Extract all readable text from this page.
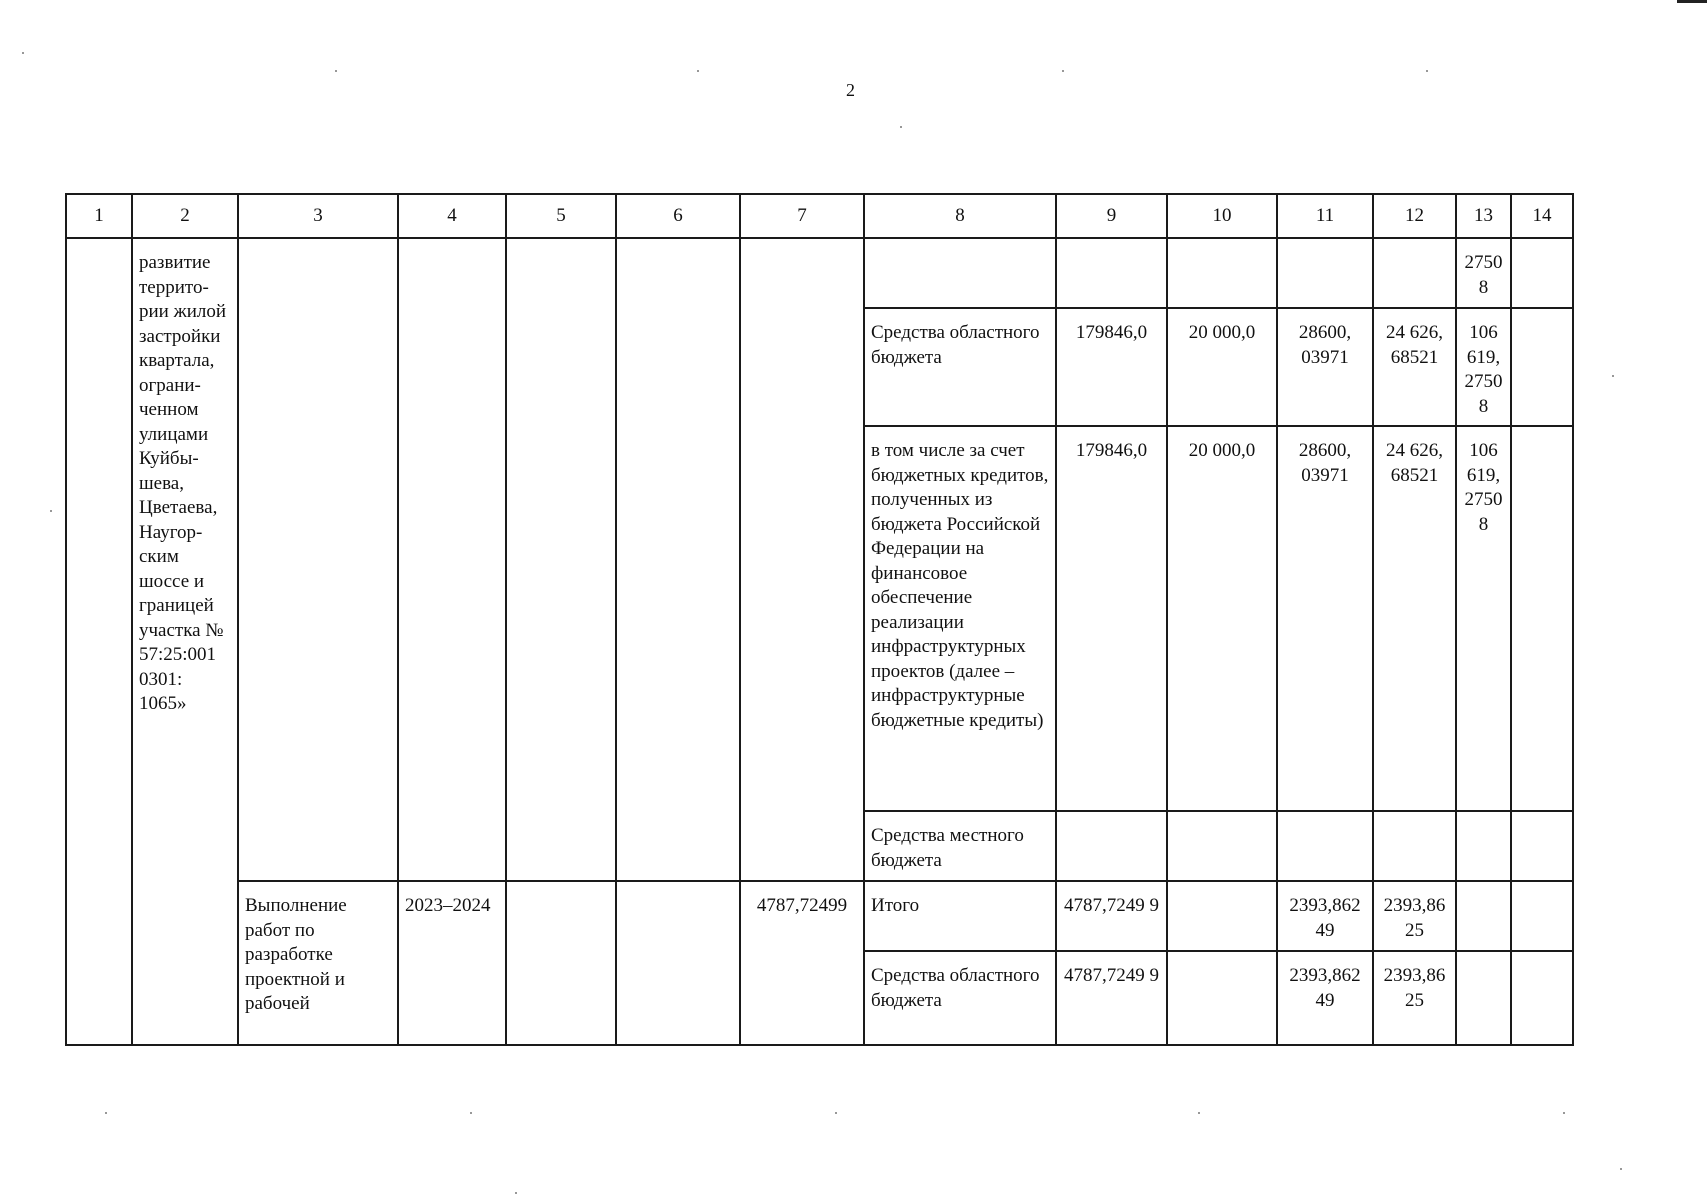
2
1	2	3	4	5	6	7	8	9	10	11	12	13	14
	развитие террито-рии жилой застройки квартала, ограни-ченном улицами Куйбы-шева, Цветаева, Наугор-ским шоссе и границей участка № 57:25:001 0301: 1065»											2750 8	
							Средства областного бюджета	179846,0	20 000,0	28600, 03971	24 626, 68521	106 619, 2750 8	
							в том числе за счет бюджетных кредитов, полученных из бюджета Российской Федерации на финансовое обеспечение реализации инфраструктурных проектов (далее – инфраструктурные бюджетные кредиты)	179846,0	20 000,0	28600, 03971	24 626, 68521	106 619, 2750 8	
							Средства местного бюджета						
		Выполнение работ по разработке проектной и рабочей	2023–2024			4787,72499	Итого	4787,7249 9		2393,862 49	2393,86 25		
							Средства областного бюджета	4787,7249 9		2393,862 49	2393,86 25		
